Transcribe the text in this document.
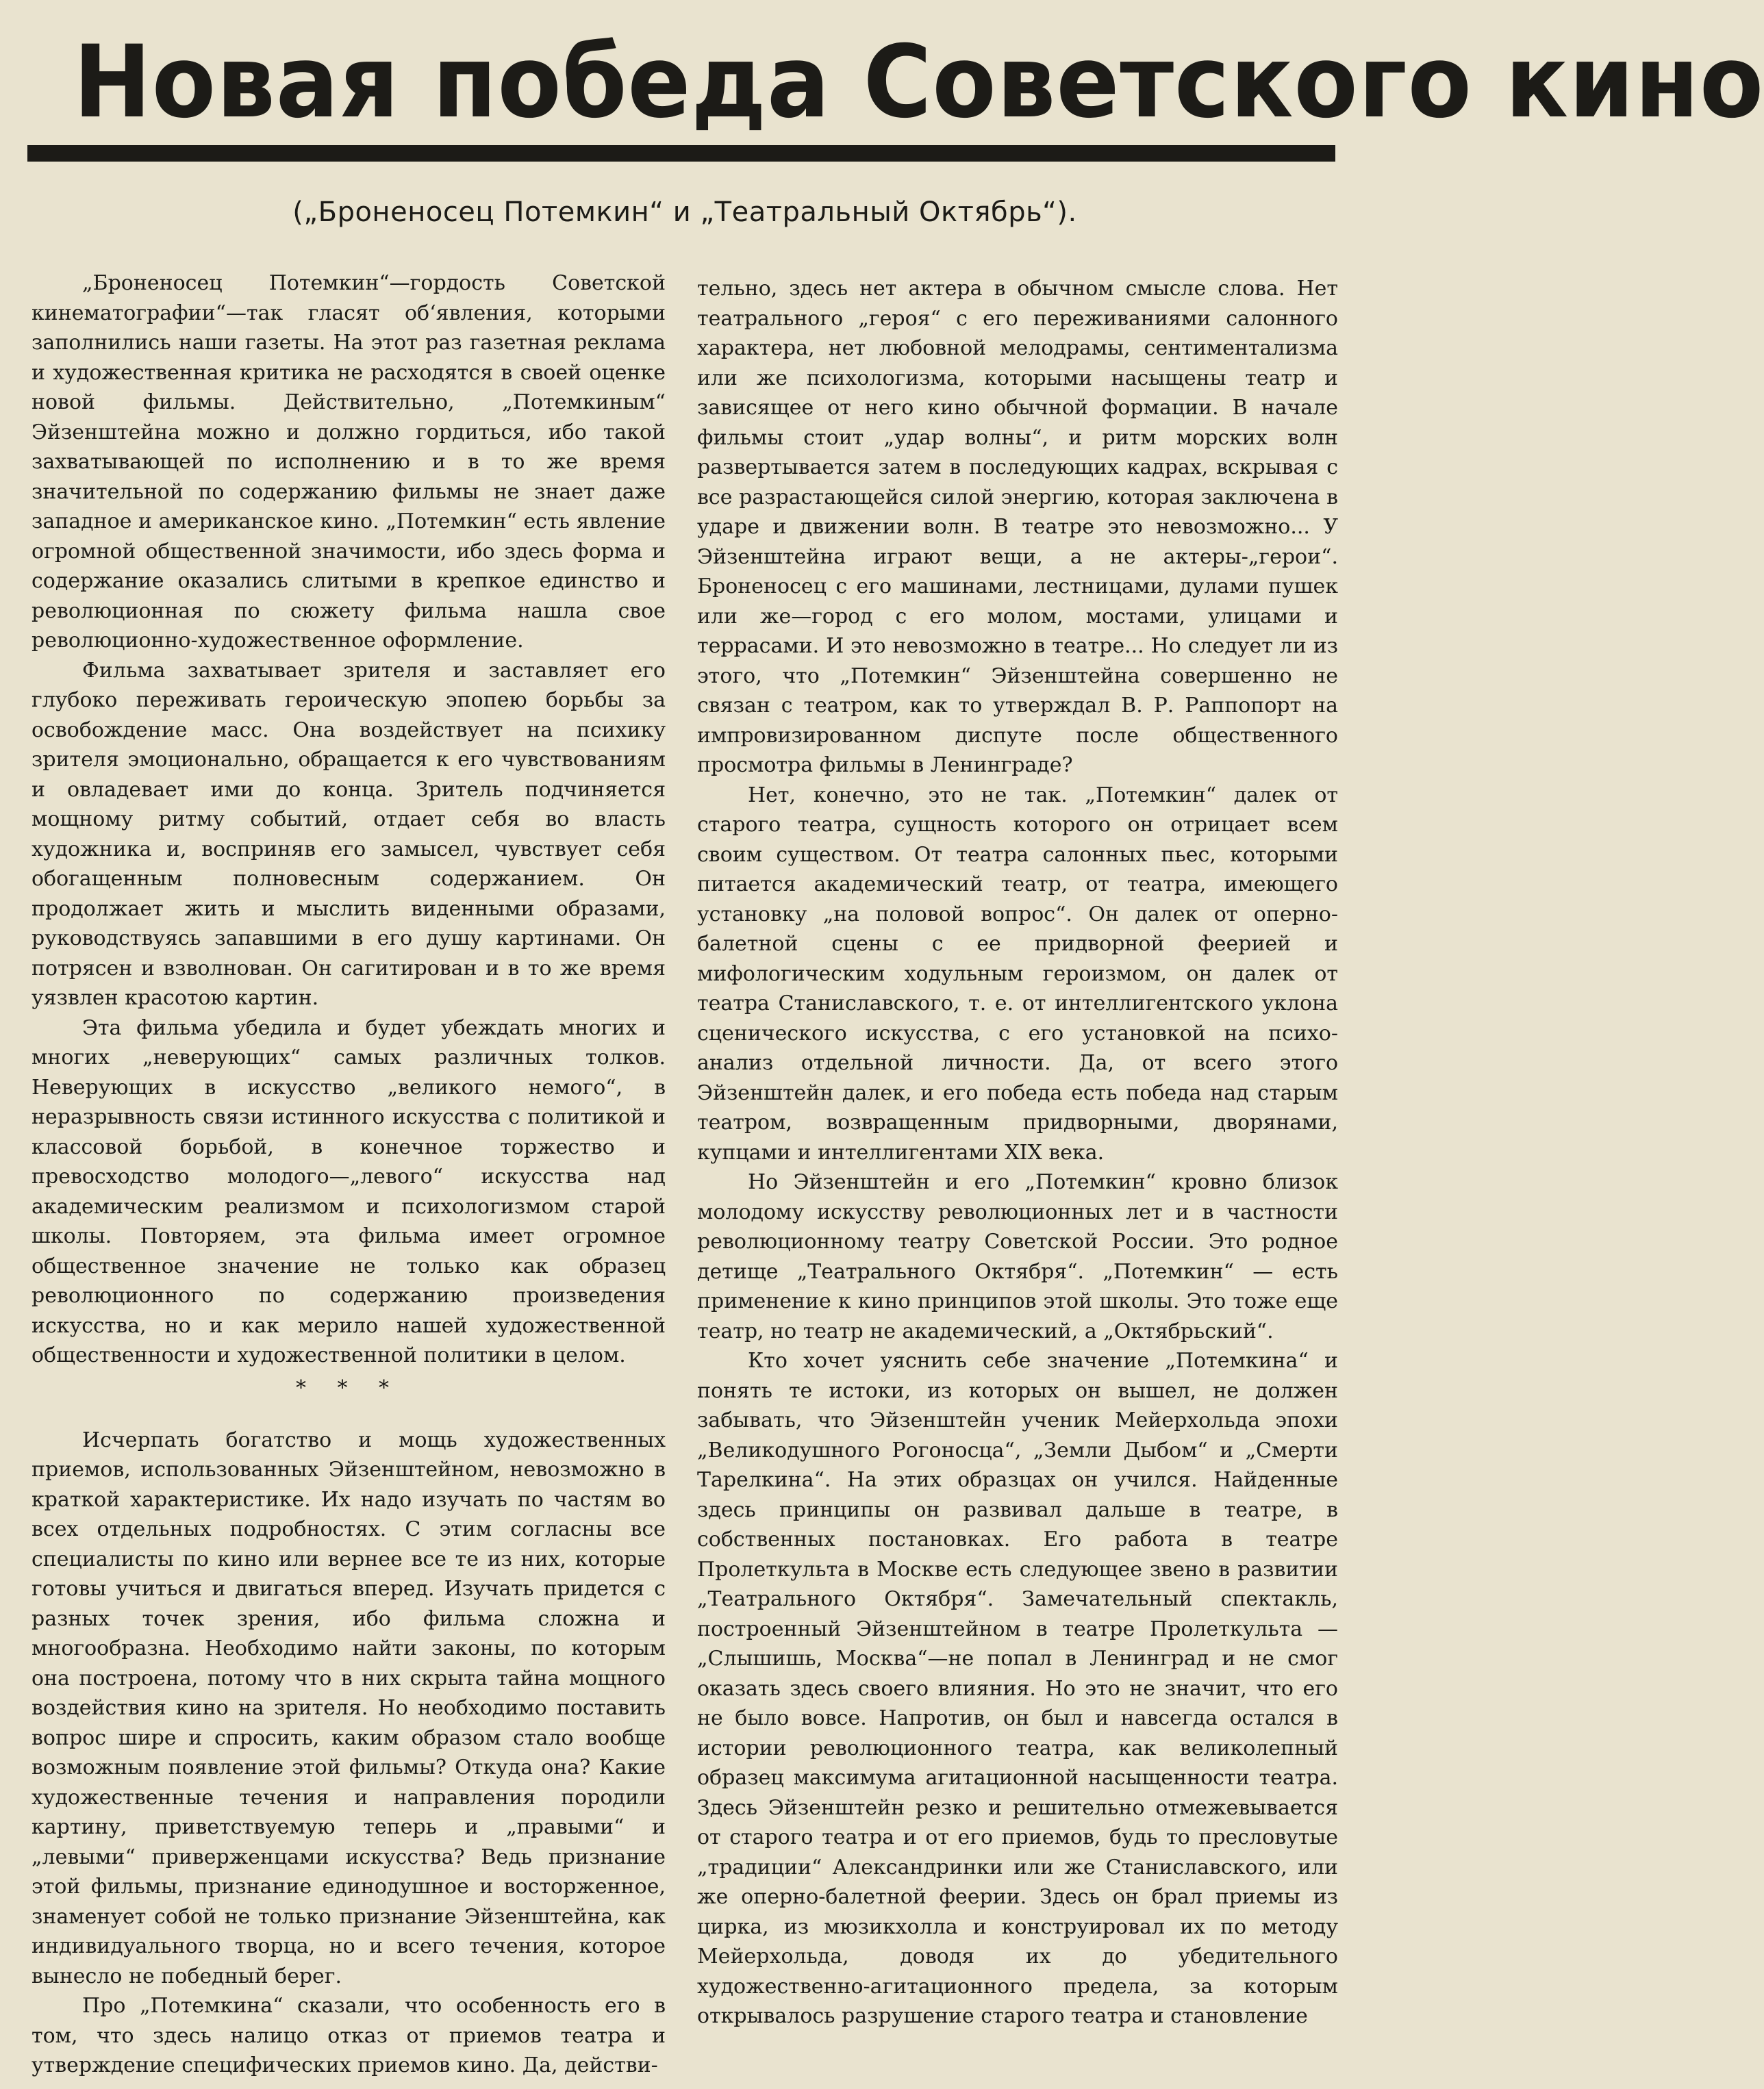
Новая победа Советского кино
(„Броненосец Потемкин“ и „Театральный Октябрь“).

„Броненосец Потемкин“—гордость Советской кинематографии“—так гласят об‘явления, которыми заполнились наши газеты. На этот раз газетная реклама и художественная критика не расходятся в своей оценке новой фильмы. Действительно, „Потемкиным“ Эйзенштейна можно и должно гордиться, ибо такой захватывающей по исполнению и в то же время значительной по содержанию фильмы не знает даже западное и американское кино. „Потемкин“ есть явление огромной общественной значимости, ибо здесь форма и содержание оказались слитыми в крепкое единство и революционная по сюжету фильма нашла свое революционно-художественное оформление.

Фильма захватывает зрителя и заставляет его глубоко переживать героическую эпопею борьбы за освобождение масс. Она воздействует на психику зрителя эмоционально, обращается к его чувствованиям и овладевает ими до конца. Зритель подчиняется мощному ритму событий, отдает себя во власть художника и, восприняв его замысел, чувствует себя обогащенным полновесным содержанием. Он продолжает жить и мыслить виденными образами, руководствуясь запавшими в его душу картинами. Он потрясен и взволнован. Он сагитирован и в то же время уязвлен красотою картин.

Эта фильма убедила и будет убеждать многих и многих „неверующих“ самых различных толков. Неверующих в искусство „великого немого“, в неразрывность связи истинного искусства с политикой и классовой борьбой, в конечное торжество и превосходство молодого—„левого“ искусства над академическим реализмом и психологизмом старой школы. Повторяем, эта фильма имеет огромное общественное значение не только как образец революционного по содержанию произведения искусства, но и как мерило нашей художественной общественности и художественной политики в целом.

* * *

Исчерпать богатство и мощь художественных приемов, использованных Эйзенштейном, невозможно в краткой характеристике. Их надо изучать по частям во всех отдельных подробностях. С этим согласны все специалисты по кино или вернее все те из них, которые готовы учиться и двигаться вперед. Изучать придется с разных точек зрения, ибо фильма сложна и многообразна. Необходимо найти законы, по которым она построена, потому что в них скрыта тайна мощного воздействия кино на зрителя. Но необходимо поставить вопрос шире и спросить, каким образом стало вообще возможным появление этой фильмы? Откуда она? Какие художественные течения и направления породили картину, приветствуемую теперь и „правыми“ и „левыми“ приверженцами искусства? Ведь признание этой фильмы, признание единодушное и восторженное, знаменует собой не только признание Эйзенштейна, как индивидуального творца, но и всего течения, которое вынесло не победный берег.

Про „Потемкина“ сказали, что особенность его в том, что здесь налицо отказ от приемов театра и утверждение специфических приемов кино. Да, действи-

тельно, здесь нет актера в обычном смысле слова. Нет театрального „героя“ с его переживаниями салонного характера, нет любовной мелодрамы, сентиментализма или же психологизма, которыми насыщены театр и зависящее от него кино обычной формации. В начале фильмы стоит „удар волны“, и ритм морских волн развертывается затем в последующих кадрах, вскрывая с все разрастающейся силой энергию, которая заключена в ударе и движении волн. В театре это невозможно... У Эйзенштейна играют вещи, а не актеры-„герои“. Броненосец с его машинами, лестницами, дулами пушек или же—город с его молом, мостами, улицами и террасами. И это невозможно в театре... Но следует ли из этого, что „Потемкин“ Эйзенштейна совершенно не связан с театром, как то утверждал В. Р. Раппопорт на импровизированном диспуте после общественного просмотра фильмы в Ленинграде?

Нет, конечно, это не так. „Потемкин“ далек от старого театра, сущность которого он отрицает всем своим существом. От театра салонных пьес, которыми питается академический театр, от театра, имеющего установку „на половой вопрос“. Он далек от оперно-балетной сцены с ее придворной феерией и мифологическим ходульным героизмом, он далек от театра Станиславского, т. е. от интеллигентского уклона сценического искусства, с его установкой на психо-анализ отдельной личности. Да, от всего этого Эйзенштейн далек, и его победа есть победа над старым театром, возвращенным придворными, дворянами, купцами и интеллигентами XIX века.

Но Эйзенштейн и его „Потемкин“ кровно близок молодому искусству революционных лет и в частности революционному театру Советской России. Это родное детище „Театрального Октября“. „Потемкин“ — есть применение к кино принципов этой школы. Это тоже еще театр, но театр не академический, а „Октябрьский“.

Кто хочет уяснить себе значение „Потемкина“ и понять те истоки, из которых он вышел, не должен забывать, что Эйзенштейн ученик Мейерхольда эпохи „Великодушного Рогоносца“, „Земли Дыбом“ и „Смерти Тарелкина“. На этих образцах он учился. Найденные здесь принципы он развивал дальше в театре, в собственных постановках. Его работа в театре Пролеткульта в Москве есть следующее звено в развитии „Театрального Октября“. Замечательный спектакль, построенный Эйзенштейном в театре Пролеткульта — „Слышишь, Москва“—не попал в Ленинград и не смог оказать здесь своего влияния. Но это не значит, что его не было вовсе. Напротив, он был и навсегда остался в истории революционного театра, как великолепный образец максимума агитационной насыщенности театра. Здесь Эйзенштейн резко и решительно отмежевывается от старого театра и от его приемов, будь то пресловутые „традиции“ Александринки или же Станиславского, или же оперно-балетной феерии. Здесь он брал приемы из цирка, из мюзикхолла и конструировал их по методу Мейерхольда, доводя их до убедительного художественно-агитационного предела, за которым открывалось разрушение старого театра и становление
